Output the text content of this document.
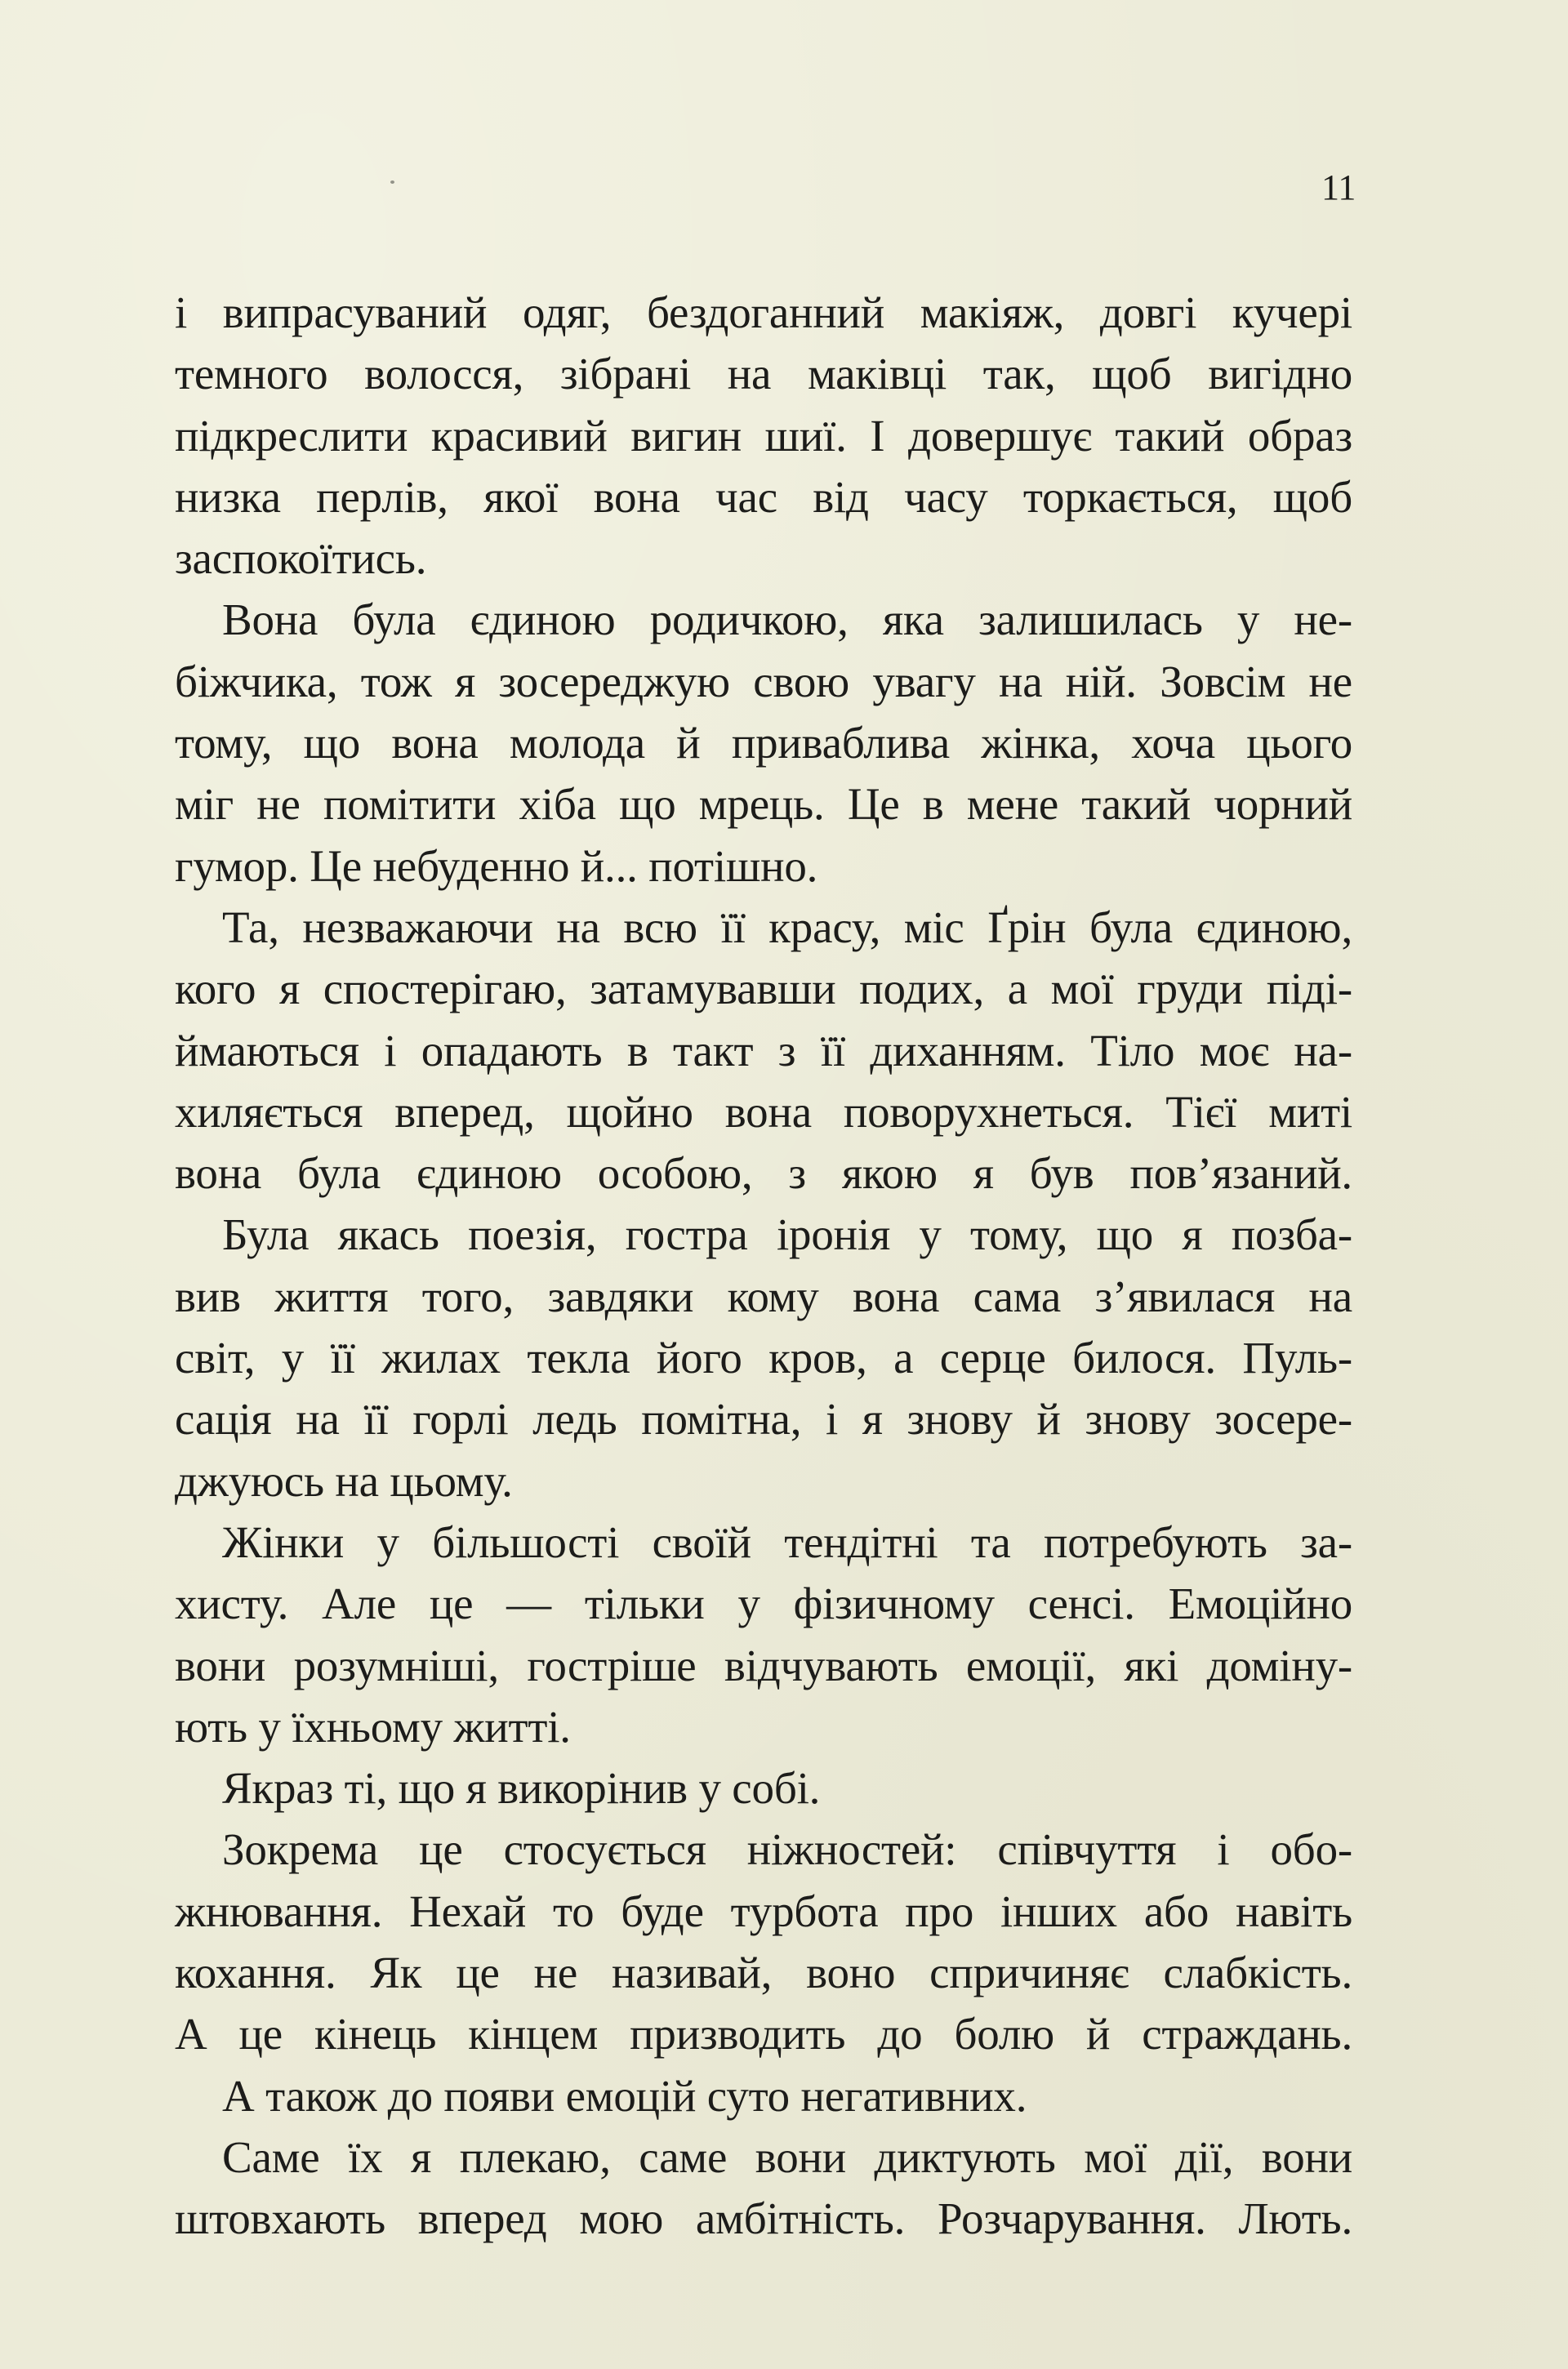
11
і випрасуваний одяг, бездоганний макіяж, довгі кучері
темного волосся, зібрані на маківці так, щоб вигідно
підкреслити красивий вигин шиї. І довершує такий образ
низка перлів, якої вона час від часу торкається, щоб
заспокоїтись.
Вона була єдиною родичкою, яка залишилась у не-
біжчика, тож я зосереджую свою увагу на ній. Зовсім не
тому, що вона молода й приваблива жінка, хоча цього
міг не помітити хіба що мрець. Це в мене такий чорний
гумор. Це небуденно й... потішно.
Та, незважаючи на всю її красу, міс Ґрін була єдиною,
кого я спостерігаю, затамувавши подих, а мої груди піді-
ймаються і опадають в такт з її диханням. Тіло моє на-
хиляється вперед, щойно вона поворухнеться. Тієї миті
вона була єдиною особою, з якою я був пов’язаний.
Була якась поезія, гостра іронія у тому, що я позба-
вив життя того, завдяки кому вона сама з’явилася на
світ, у її жилах текла його кров, а серце билося. Пуль-
сація на її горлі ледь помітна, і я знову й знову зосере-
джуюсь на цьому.
Жінки у більшості своїй тендітні та потребують за-
хисту. Але це — тільки у фізичному сенсі. Емоційно
вони розумніші, гостріше відчувають емоції, які доміну-
ють у їхньому житті.
Якраз ті, що я викорінив у собі.
Зокрема це стосується ніжностей: співчуття і обо-
жнювання. Нехай то буде турбота про інших або навіть
кохання. Як це не називай, воно спричиняє слабкість.
А це кінець кінцем призводить до болю й страждань.
А також до появи емоцій суто негативних.
Саме їх я плекаю, саме вони диктують мої дії, вони
штовхають вперед мою амбітність. Розчарування. Лють.
